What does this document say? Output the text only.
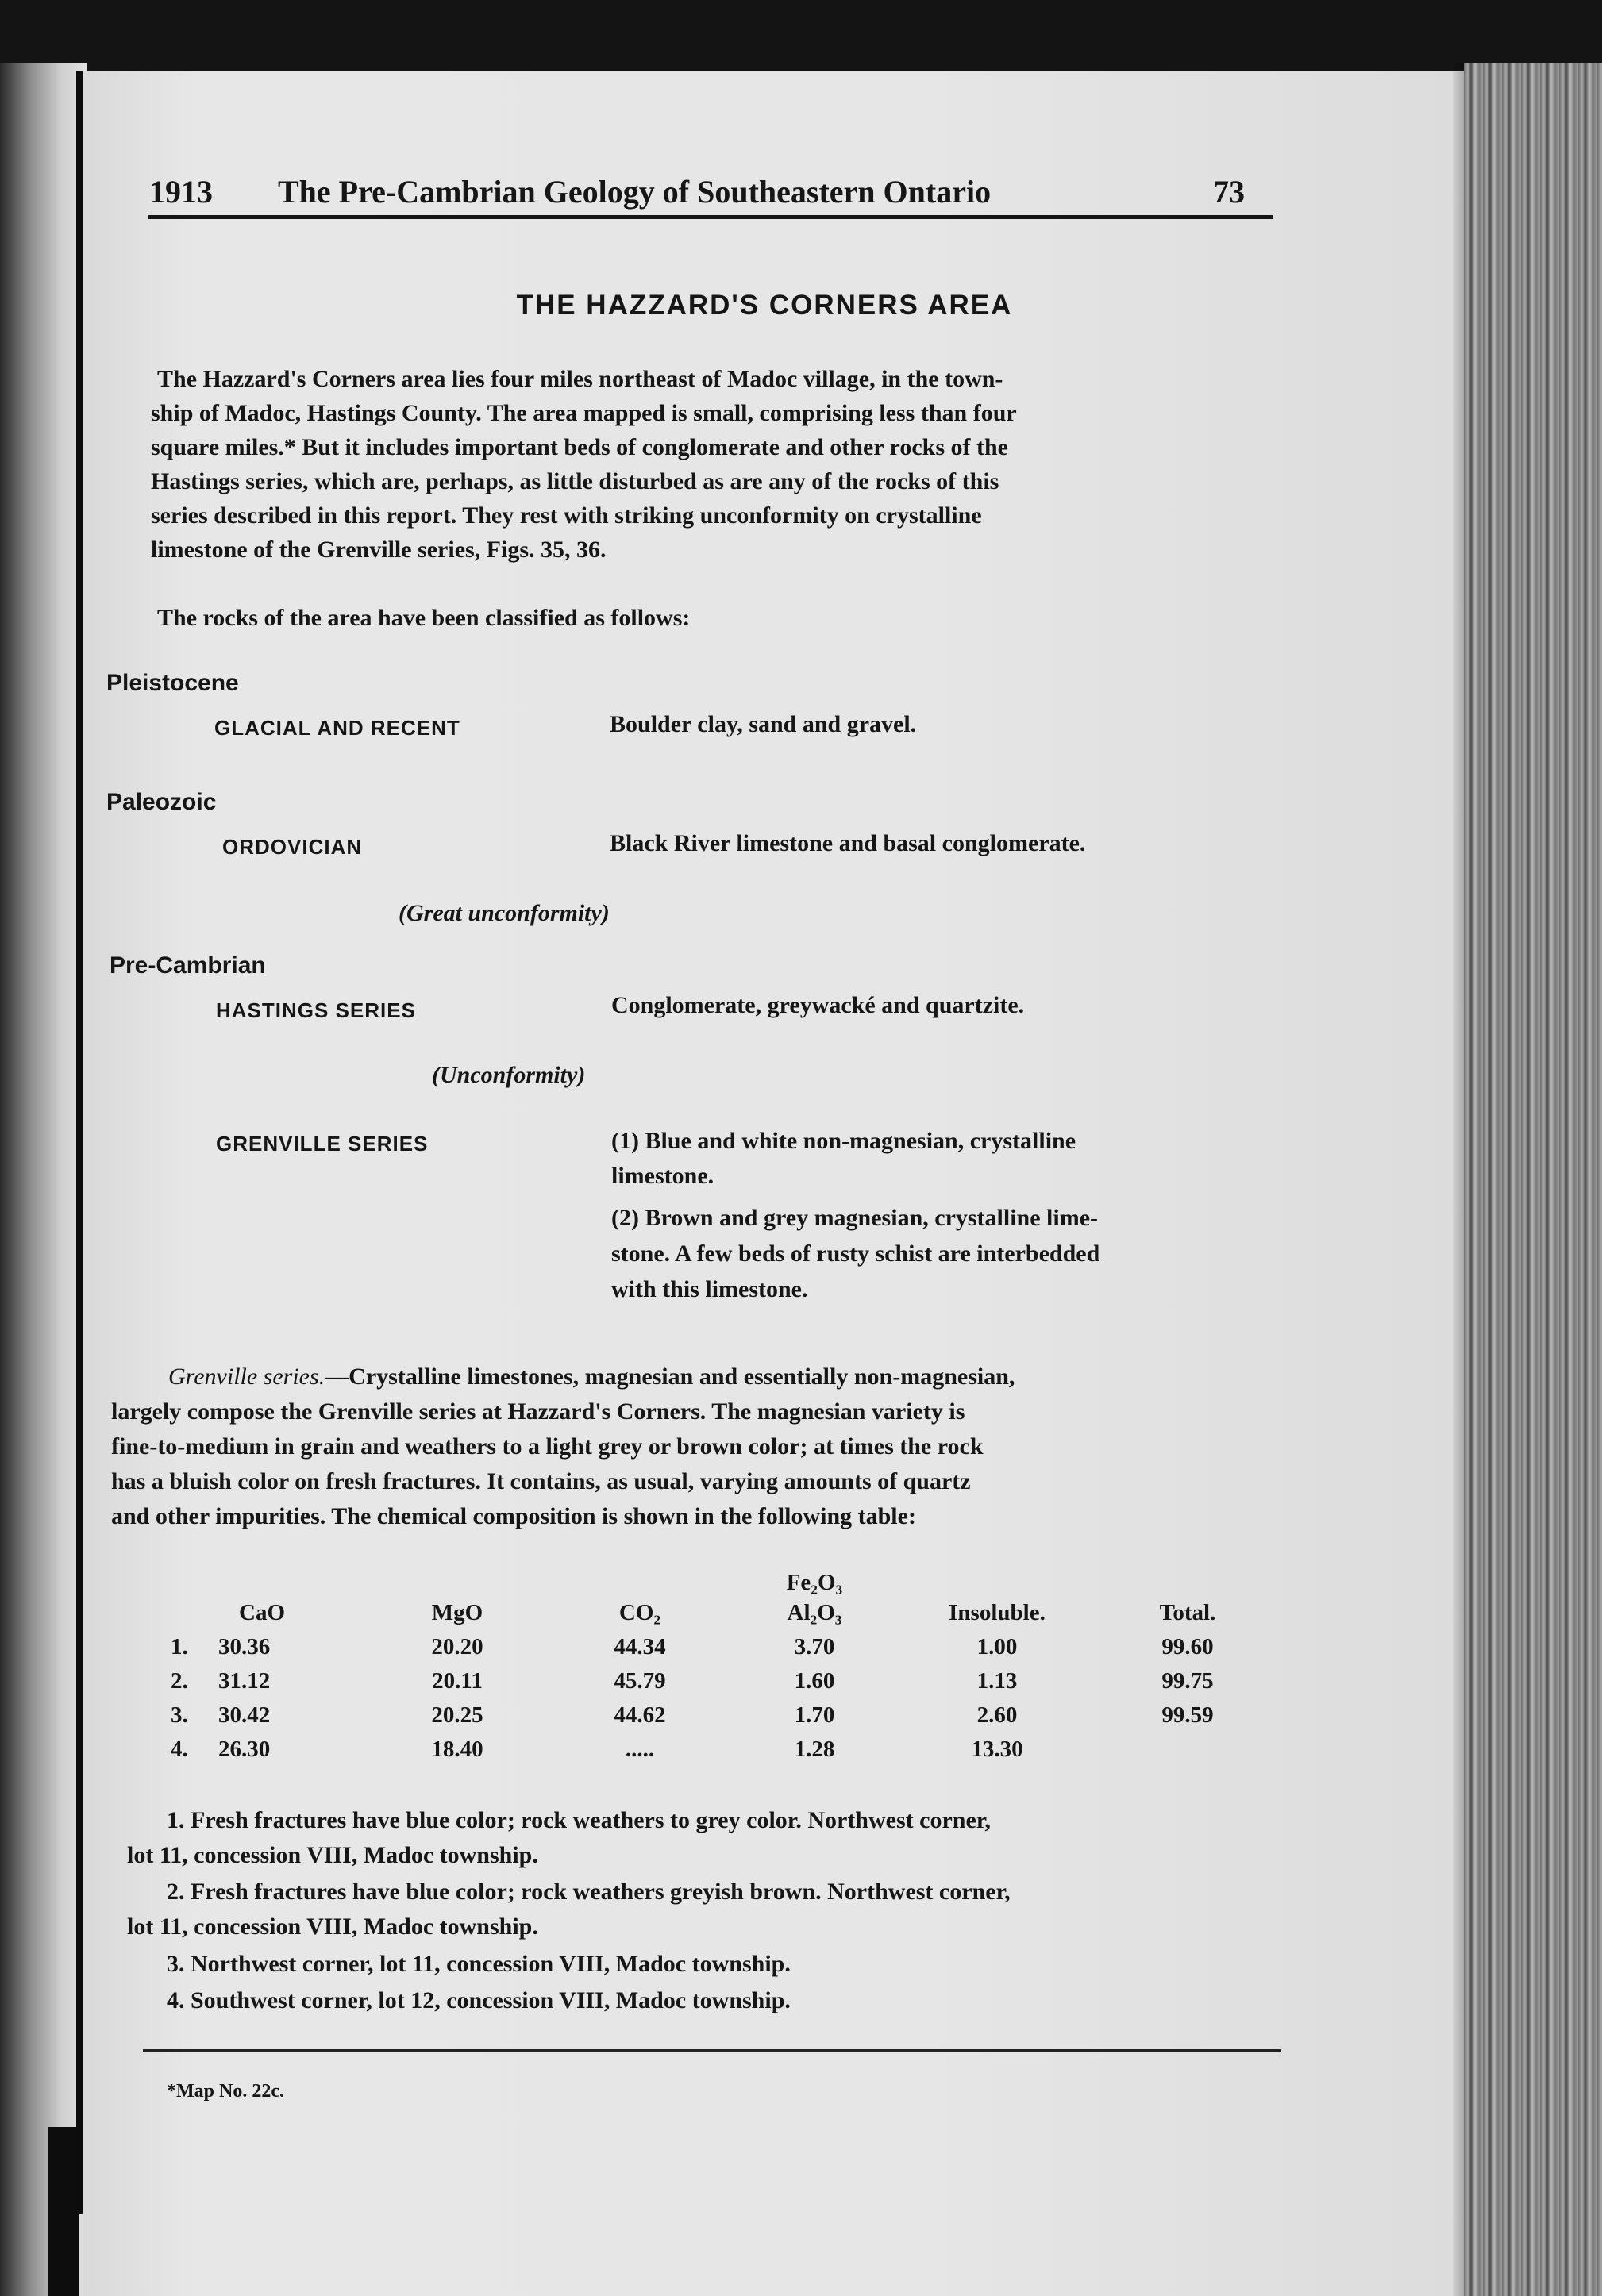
1913 The Pre-Cambrian Geology of Southeastern Ontario	73
THE HAZZARD'S CORNERS AREA
The Hazzard's Corners area lies four miles northeast of Madoc village, in the town-
ship of Madoc, Hastings County. The area mapped is small, comprising less than four
square miles.* But it includes important beds of conglomerate and other rocks of the
Hastings series, which are, perhaps, as little disturbed as are any of the rocks of this
series described in this report. They rest with striking unconformity on crystalline
limestone of the Grenville series, Figs. 35, 36.
The rocks of the area have been classified as follows:
Pleistocene
GLACIAL AND RECENT	Boulder clay, sand and gravel.
Paleozoic
ORDOVICIAN	Black River limestone and basal conglomerate.
(Great unconformity)
Pre-Cambrian
HASTINGS SERIES	Conglomerate, greywacké and quartzite.
(Unconformity)
GRENVILLE SERIES	(1) Blue and white non-magnesian, crystalline
limestone.
(2) Brown and grey magnesian, crystalline lime-
stone. A few beds of rusty schist are interbedded
with this limestone.
Grenville series.—Crystalline limestones, magnesian and essentially non-magnesian,
largely compose the Grenville series at Hazzard's Corners. The magnesian variety is
fine-to-medium in grain and weathers to a light grey or brown color; at times the rock
has a bluish color on fresh fractures. It contains, as usual, varying amounts of quartz
and other impurities. The chemical composition is shown in the following table:
				Fe₂O₃		
	CaO	MgO	CO₂	Al₂O₃	Insoluble.	Total.
1.	30.36	20.20	44.34	3.70	1.00	99.60
2.	31.12	20.11	45.79	1.60	1.13	99.75
3.	30.42	20.25	44.62	1.70	2.60	99.59
4.	26.30	18.40	.....	1.28	13.30	
1. Fresh fractures have blue color; rock weathers to grey color. Northwest corner,
lot 11, concession VIII, Madoc township.
2. Fresh fractures have blue color; rock weathers greyish brown. Northwest corner,
lot 11, concession VIII, Madoc township.
3. Northwest corner, lot 11, concession VIII, Madoc township.
4. Southwest corner, lot 12, concession VIII, Madoc township.
*Map No. 22c.
